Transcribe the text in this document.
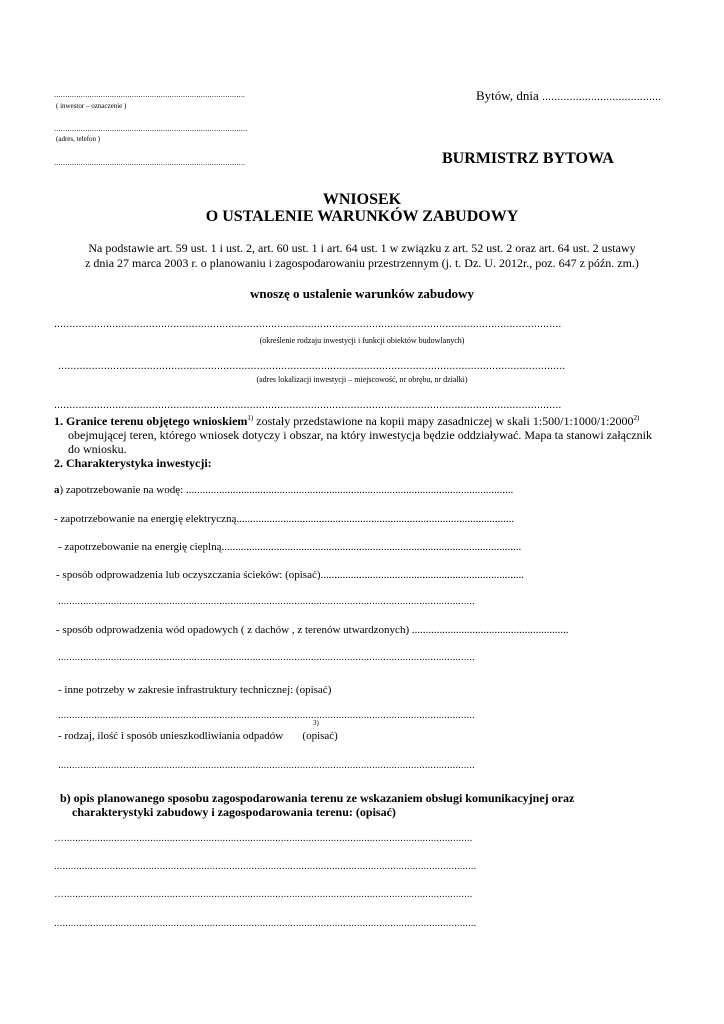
......................................................................................
( inwestor – oznaczenie )
.......................................................................................
(adres, telefon )
......................................................................................
Bytów, dnia .......................................
BURMISTRZ BYTOWA
WNIOSEK
O USTALENIE WARUNKÓW ZABUDOWY
Na podstawie art. 59 ust. 1 i ust. 2, art. 60 ust. 1 i art. 64 ust. 1 w związku z art. 52 ust. 2 oraz art. 64 ust. 2 ustawy
z dnia 27 marca 2003 r. o planowaniu i zagospodarowaniu przestrzennym (j. t. Dz. U. 2012r., poz. 647 z późn. zm.)
wnoszę o ustalenie warunków zabudowy
......................................................................................................................................................................
(określenie rodzaju inwestycji i funkcji obiektów budowlanych)
......................................................................................................................................................................
(adres lokalizacji inwestycji – miejscowość, nr obrębu, nr działki)
......................................................................................................................................................................
1. Granice terenu objętego wnioskiem$^{1)}$ zostały przedstawione na kopii mapy zasadniczej w skali 1:500/1:1000/1:2000$^{2)}$
obejmującej teren, którego wniosek dotyczy i obszar, na który inwestycja będzie oddziaływać. Mapa ta stanowi załącznik
do wniosku.
2. Charakterystyka inwestycji:
a) zapotrzebowanie na wodę: .......................................................................................................................
- zapotrzebowanie na energię elektryczną.....................................................................................................
- zapotrzebowanie na energię cieplną.............................................................................................................
- sposób odprowadzenia lub oczyszczania ścieków: (opisać)..........................................................................
......................................................................................................................................................
- sposób odprowadzenia wód opadowych ( z dachów , z terenów utwardzonych) .........................................................
......................................................................................................................................................
- inne potrzeby w zakresie infrastruktury technicznej: (opisać)
......................................................................................................................................................
3)
- rodzaj, ilość i sposób unieszkodliwiania odpadów (opisać)
......................................................................................................................................................
b) opis planowanego sposobu zagospodarowania terenu ze wskazaniem obsługi komunikacyjnej oraz
charakterystyki zabudowy i zagospodarowania terenu: (opisać)
…...................................................................................................................................................
........................................................................................................................................................
…...................................................................................................................................................
........................................................................................................................................................
